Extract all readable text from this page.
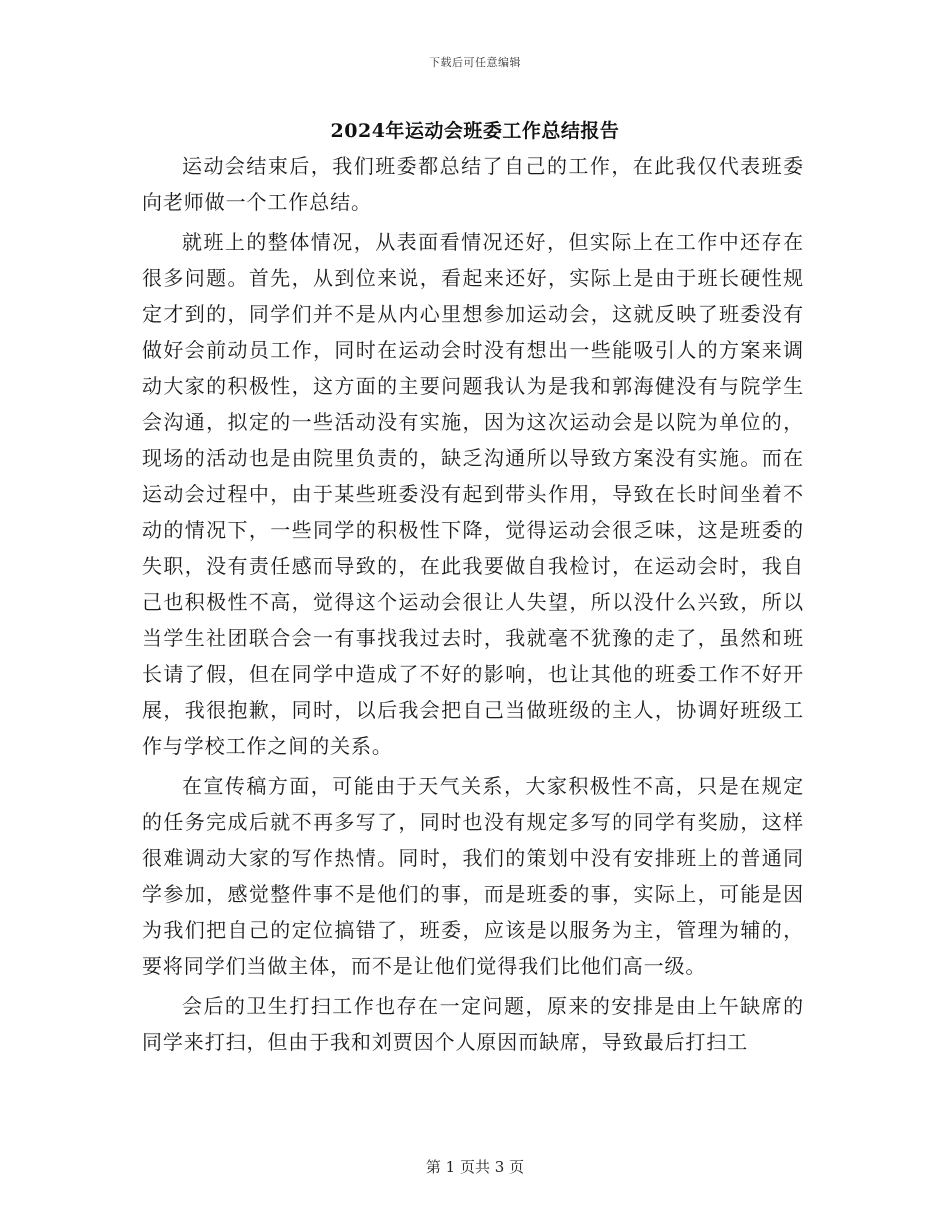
下载后可任意编辑
2024年运动会班委工作总结报告

运动会结束后，我们班委都总结了自己的工作，在此我仅代表班委向老师做一个工作总结。

就班上的整体情况，从表面看情况还好，但实际上在工作中还存在很多问题。首先，从到位来说，看起来还好，实际上是由于班长硬性规定才到的，同学们并不是从内心里想参加运动会，这就反映了班委没有做好会前动员工作，同时在运动会时没有想出一些能吸引人的方案来调动大家的积极性，这方面的主要问题我认为是我和郭海健没有与院学生会沟通，拟定的一些活动没有实施，因为这次运动会是以院为单位的，现场的活动也是由院里负责的，缺乏沟通所以导致方案没有实施。而在运动会过程中，由于某些班委没有起到带头作用，导致在长时间坐着不动的情况下，一些同学的积极性下降，觉得运动会很乏味，这是班委的失职，没有责任感而导致的，在此我要做自我检讨，在运动会时，我自己也积极性不高，觉得这个运动会很让人失望，所以没什么兴致，所以当学生社团联合会一有事找我过去时，我就毫不犹豫的走了，虽然和班长请了假，但在同学中造成了不好的影响，也让其他的班委工作不好开展，我很抱歉，同时，以后我会把自己当做班级的主人，协调好班级工作与学校工作之间的关系。

在宣传稿方面，可能由于天气关系，大家积极性不高，只是在规定的任务完成后就不再多写了，同时也没有规定多写的同学有奖励，这样很难调动大家的写作热情。同时，我们的策划中没有安排班上的普通同学参加，感觉整件事不是他们的事，而是班委的事，实际上，可能是因为我们把自己的定位搞错了，班委，应该是以服务为主，管理为辅的，要将同学们当做主体，而不是让他们觉得我们比他们高一级。

会后的卫生打扫工作也存在一定问题，原来的安排是由上午缺席的同学来打扫，但由于我和刘贾因个人原因而缺席，导致最后打扫工

第 1 页共 3 页
